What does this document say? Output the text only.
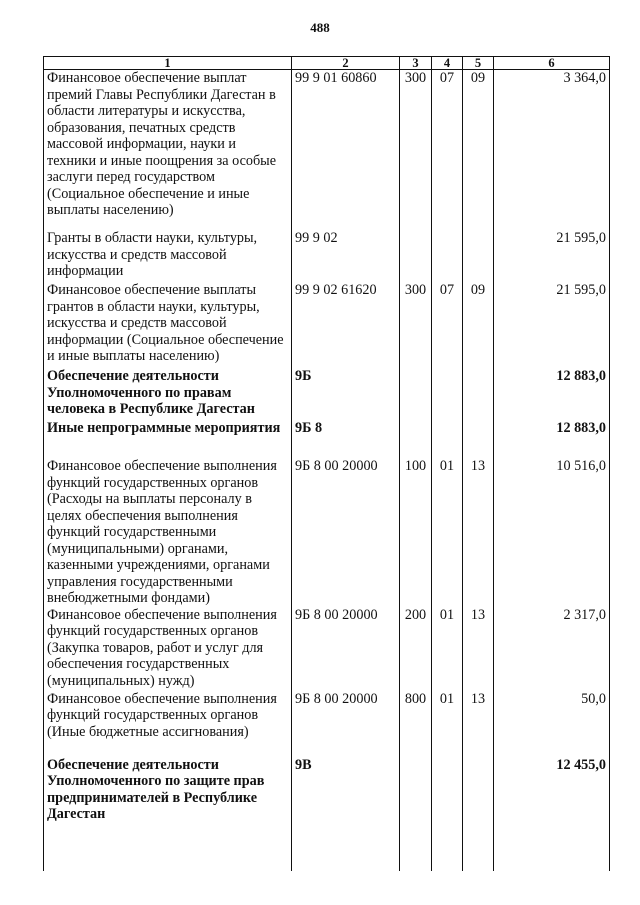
488
1	2	3	4	5	6
Финансовое обеспечение выплат премий Главы Республики Дагестан в области литературы и искусства, образования, печатных средств массовой информации, науки и техники и иные поощрения за особые заслуги перед государством (Социальное обеспечение и иные выплаты населению)	99 9 01 60860	300	07	09	3 364,0
Гранты в области науки, культуры, искусства и средств массовой информации	99 9 02				21 595,0
Финансовое обеспечение выплаты грантов в области науки, культуры, искусства и средств массовой информации (Социальное обеспечение и иные выплаты населению)	99 9 02 61620	300	07	09	21 595,0
Обеспечение деятельности Уполномоченного по правам человека в Республике Дагестан	9Б				12 883,0
Иные непрограммные мероприятия	9Б 8				12 883,0
Финансовое обеспечение выполнения функций государственных органов (Расходы на выплаты персоналу в целях обеспечения выполнения функций государственными (муниципальными) органами, казенными учреждениями, органами управления государственными внебюджетными фондами)	9Б 8 00 20000	100	01	13	10 516,0
Финансовое обеспечение выполнения функций государственных органов (Закупка товаров, работ и услуг для обеспечения государственных (муниципальных) нужд)	9Б 8 00 20000	200	01	13	2 317,0
Финансовое обеспечение выполнения функций государственных органов (Иные бюджетные ассигнования)	9Б 8 00 20000	800	01	13	50,0
Обеспечение деятельности Уполномоченного по защите прав предпринимателей в Республике Дагестан	9В				12 455,0
